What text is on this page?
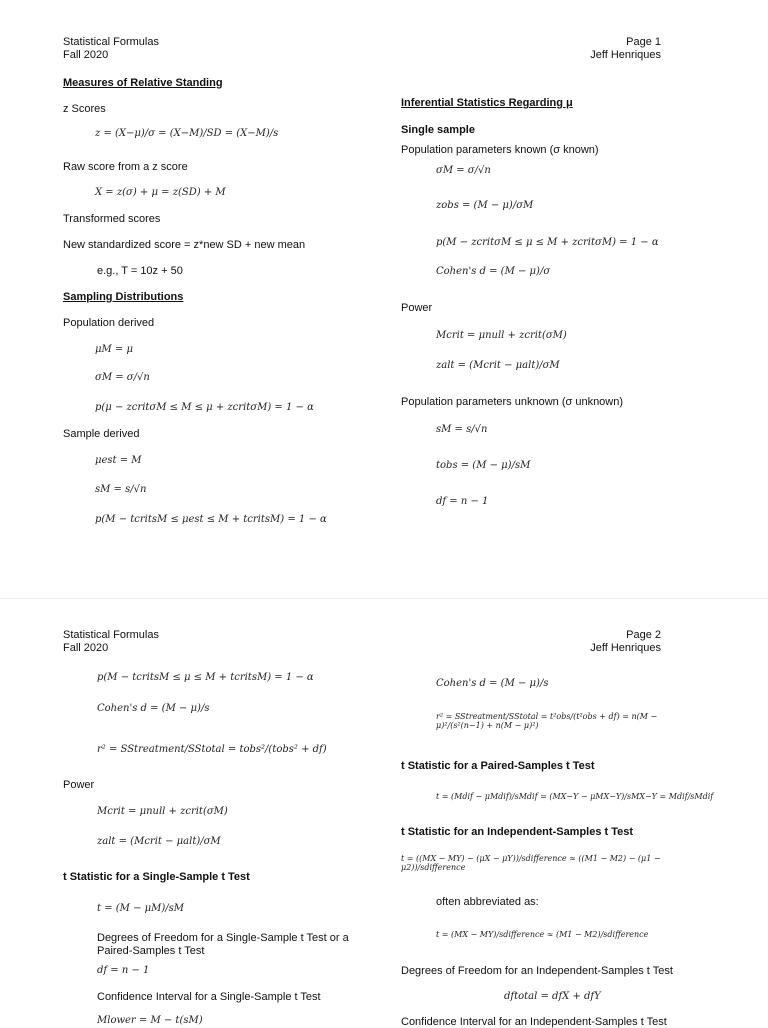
Statistical Formulas
Fall 2020
Page 1
Jeff Henriques
Measures of Relative Standing
z Scores
z = (X−μ)/σ = (X−M)/SD = (X−M)/s
Raw score from a z score
X = z(σ) + μ = z(SD) + M
Transformed scores
New standardized score = z*new SD + new mean
e.g., T = 10z + 50
Sampling Distributions
Population derived
μM = μ
σM = σ/√n
p(μ − zcritσM ≤ M ≤ μ + zcritσM) = 1 − α
Sample derived
μest = M
sM = s/√n
p(M − tcritsM ≤ μest ≤ M + tcritsM) = 1 − α
Inferential Statistics Regarding μ
Single sample
Population parameters known (σ known)
σM = σ/√n
zobs = (M − μ)/σM
p(M − zcritσM ≤ μ ≤ M + zcritσM) = 1 − α
Cohen's d = (M − μ)/σ
Power
Mcrit = μnull + zcrit(σM)
zalt = (Mcrit − μalt)/σM
Population parameters unknown (σ unknown)
sM = s/√n
tobs = (M − μ)/sM
df = n − 1
Statistical Formulas
Fall 2020
Page 2
Jeff Henriques
p(M − tcritsM ≤ μ ≤ M + tcritsM) = 1 − α
Cohen's d = (M − μ)/s
r² = SStreatment/SStotal = tobs²/(tobs² + df)
Power
Mcrit = μnull + zcrit(σM)
zalt = (Mcrit − μalt)/σM
t Statistic for a Single-Sample t Test
t = (M − μM)/sM
Degrees of Freedom for a Single-Sample t Test or a Paired-Samples t Test
df = n − 1
Confidence Interval for a Single-Sample t Test
Mlower = M − t(sM)
Cohen's d = (M − μ)/s
r² = SStreatment/SStotal = t²obs/(t²obs + df) = n(M − μ)²/(s²(n−1) + n(M − μ)²)
t Statistic for a Paired-Samples t Test
t = (Mdif − μMdif)/sMdif = (MX−Y − μMX−Y)/sMX−Y = Mdif/sMdif
t Statistic for an Independent-Samples t Test
t = ((MX − MY) − (μX − μY))/sdifference ≈ ((M1 − M2) − (μ1 − μ2))/sdifference
often abbreviated as:
t = (MX − MY)/sdifference ≈ (M1 − M2)/sdifference
Degrees of Freedom for an Independent-Samples t Test
dftotal = dfX + dfY
Confidence Interval for an Independent-Samples t Test
